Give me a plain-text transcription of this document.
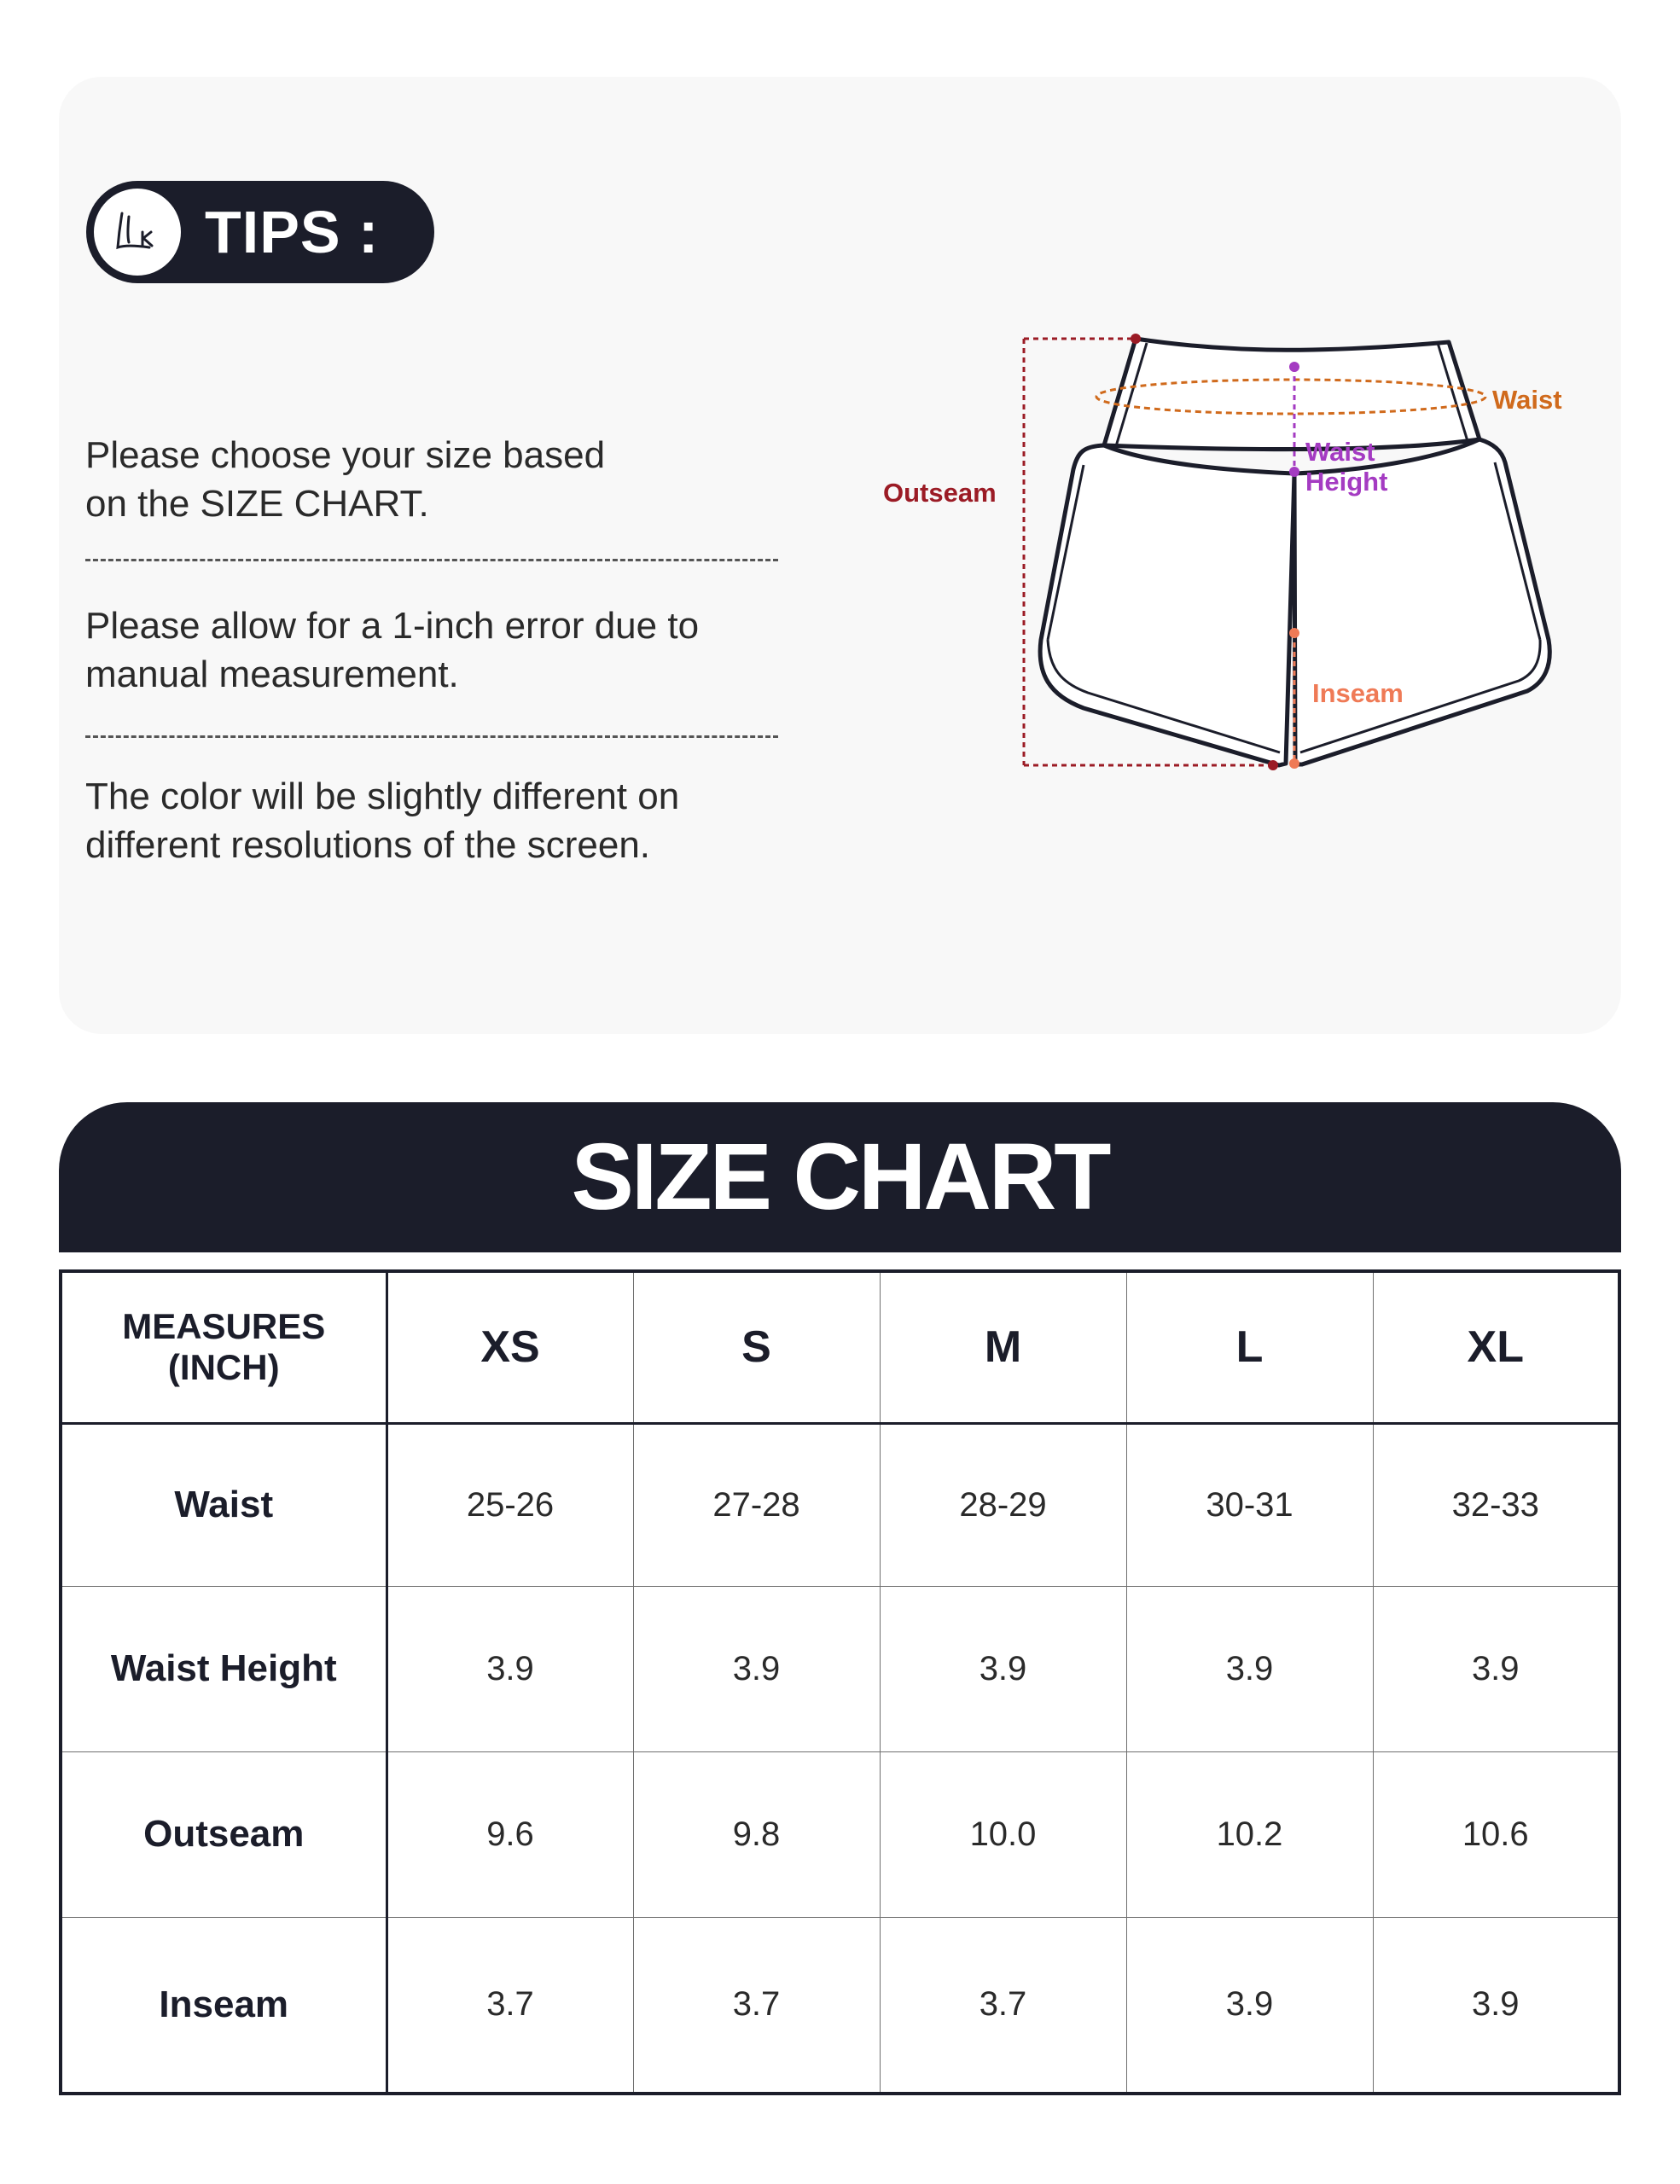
TIPS :
Please choose your size based
on the SIZE CHART.
Please allow for a 1-inch error due to
manual measurement.
The color will be slightly different on
different resolutions of the screen.
Waist
Waist
Height
Outseam
Inseam
SIZE CHART
MEASURES
(INCH)	XS	S	M	L	XL
Waist	25-26	27-28	28-29	30-31	32-33
Waist Height	3.9	3.9	3.9	3.9	3.9
Outseam	9.6	9.8	10.0	10.2	10.6
Inseam	3.7	3.7	3.7	3.9	3.9
